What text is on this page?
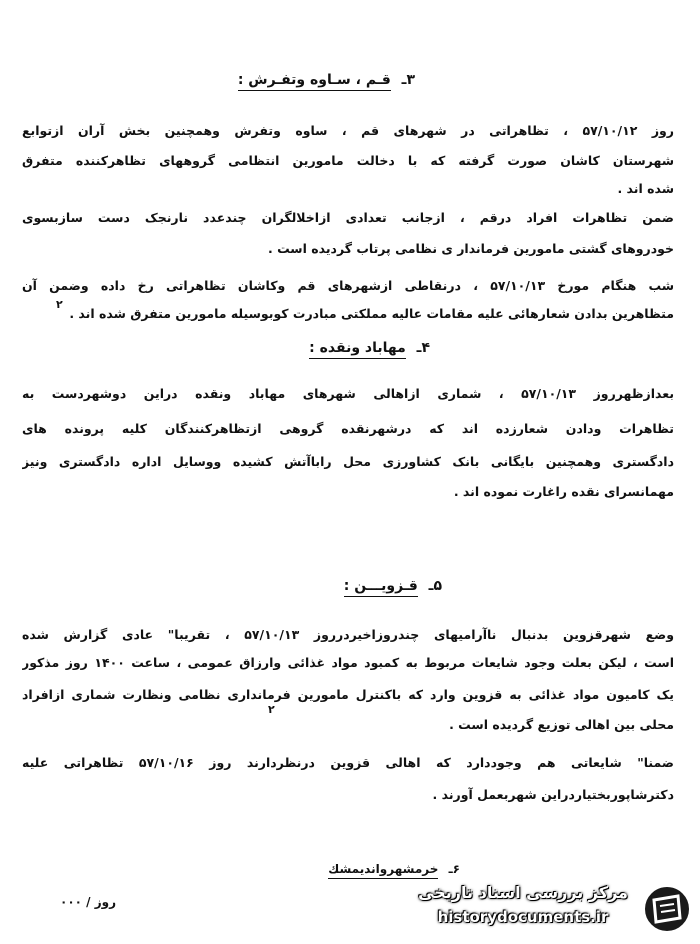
۳ـ قـم ، سـاوه وتفـرش :
روز ۵۷/۱۰/۱۲ ، تظاهراتی در شهرهای قم ، ساوه وتفرش وهمچنین بخش آران ازتوابع
شهرستان کاشان صورت گرفته که با دخالت مامورین انتظامی گروههای تظاهرکننده متفرق
شده اند .
ضمن تظاهرات افراد درقم ، ازجانب تعدادی ازاخلالگران چندعدد نارنجک دست سازبسوی
خودروهای گشتی مامورین فرماندار ی نظامی پرتاب گردیده است .
شب هنگام مورخ ۵۷/۱۰/۱۳ ، درنقاطی ازشهرهای قم وکاشان تظاهراتی رخ داده وضمن آن
متظاهرین بدادن شعارهائی علیه مقامات عالیه مملکتی مبادرت کوبوسیله مامورین متفرق شده اند .
۲
۴ـ مهاباد ونقده :
بعدازظهرروز ۵۷/۱۰/۱۳ ، شماری ازاهالی شهرهای مهاباد ونقده دراین دوشهردست به
تظاهرات ودادن شعارزده اند که درشهرنقده گروهی ازتظاهرکنندگان کلیه پرونده های
دادگستری وهمچنین بایگانی بانک کشاورزی محل راباآتش کشیده ووسایل اداره دادگستری ونیز
مهمانسرای نقده راغارت نموده اند .
۵ـ قـزویـــن :
وضع شهرقزوین بدنبال ناآرامیهای چندروزاخیردرروز ۵۷/۱۰/۱۳ ، تقریبا" عادی گزارش شده
است ، لیکن بعلت وجود شایعات مربوط به کمبود مواد غذائی وارزاق عمومی ، ساعت ۱۴۰۰ روز مذکور
یک کامیون مواد غذائی به قزوین وارد که باکنترل مامورین فرمانداری نظامی ونظارت شماری ازافراد
محلی بین اهالی توزیع گردیده است .
۲
ضمنا" شایعاتی هم وجوددارد که اهالی قزوین درنظردارند روز ۵۷/۱۰/۱۶ تظاهراتی علیه
دکترشاپوربختیاردراین شهربعمل آورند .
۶ـ خرمشهروانديمشك
روز / ۰۰۰	مرکز بررسی اسناد تاریخی
historydocuments.ir
